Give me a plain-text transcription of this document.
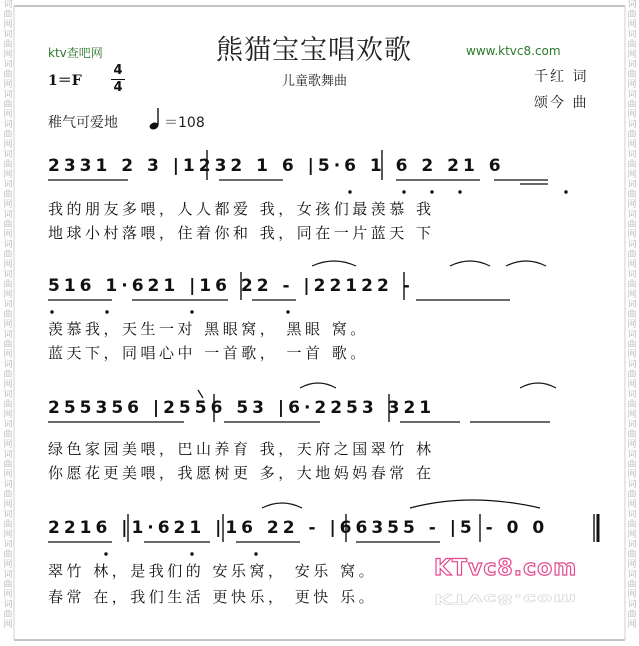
词
曲
网
词
曲
网
词
曲
网
词
曲
网
词
曲
网
词
曲
网
词
曲
网
词
曲
网
词
曲
网
词
曲
网
词
曲
网
词
曲
网
词
曲
网
词
曲
网
词
曲
网
词
曲
网
词
曲
网
词
曲
网
词
曲
网
词
曲
网
词
曲
网
词
曲
网
词
曲
网
词
曲
网
词
曲
网
词
曲
网
词
曲
网
词
曲
网
词
曲
网
词
曲
网
词
曲
网
词
曲
网
词
曲
网
词
曲
网
词
曲
网
词
曲
网
词
曲
网
词
曲
网
词
曲
网
词
曲
网
词
曲
网
词
曲
网
熊猫宝宝唱欢歌
ktv查吧网	www.ktvc8.com
1＝F
4
4	儿童歌舞曲	千红 词
颂今 曲
稚气可爱地	＝108
2331 2 3 |1232 1 6 |5·6 1 6 2 21 6
我的朋友多喂，人人都爱 我，女孩们最羡慕 我
地球小村落喂，住着你和 我，同在一片蓝天 下
516 1·621 |16 22 - |22122 -
羡慕我，天生一对 黑眼窝， 黑眼 窝。
蓝天下，同唱心中 一首歌， 一首 歌。
255356 |2556 53 |6·2253 321
绿色家园美喂，巴山养育 我，天府之国翠竹 林
你愿花更美喂，我愿树更 多，大地妈妈春常 在
2216 |1·621 |16 22 - |66355 - |5 - 0 0
翠竹 林，是我们的 安乐窝， 安乐 窝。
春常 在，我们生活 更快乐， 更快 乐。
KTvc8.com
KTvc8.com
